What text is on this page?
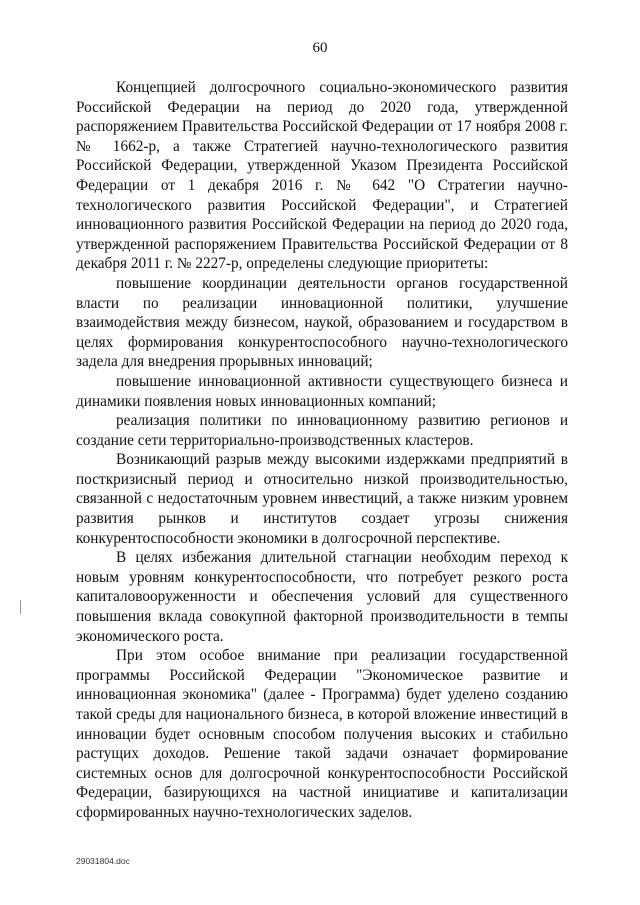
60

Концепцией долгосрочного социально-экономического развития Российской Федерации на период до 2020 года, утвержденной распоряжением Правительства Российской Федерации от 17 ноября 2008 г. № 1662-р, а также Стратегией научно-технологического развития Российской Федерации, утвержденной Указом Президента Российской Федерации от 1 декабря 2016 г. № 642 "О Стратегии научно-технологического развития Российской Федерации", и Стратегией инновационного развития Российской Федерации на период до 2020 года, утвержденной распоряжением Правительства Российской Федерации от 8 декабря 2011 г. № 2227-р, определены следующие приоритеты:

повышение координации деятельности органов государственной власти по реализации инновационной политики, улучшение взаимодействия между бизнесом, наукой, образованием и государством в целях формирования конкурентоспособного научно-технологического задела для внедрения прорывных инноваций;

повышение инновационной активности существующего бизнеса и динамики появления новых инновационных компаний;

реализация политики по инновационному развитию регионов и создание сети территориально-производственных кластеров.

Возникающий разрыв между высокими издержками предприятий в посткризисный период и относительно низкой производительностью, связанной с недостаточным уровнем инвестиций, а также низким уровнем развития рынков и институтов создает угрозы снижения конкурентоспособности экономики в долгосрочной перспективе.

В целях избежания длительной стагнации необходим переход к новым уровням конкурентоспособности, что потребует резкого роста капиталовооруженности и обеспечения условий для существенного повышения вклада совокупной факторной производительности в темпы экономического роста.

При этом особое внимание при реализации государственной программы Российской Федерации "Экономическое развитие и инновационная экономика" (далее - Программа) будет уделено созданию такой среды для национального бизнеса, в которой вложение инвестиций в инновации будет основным способом получения высоких и стабильно растущих доходов. Решение такой задачи означает формирование системных основ для долгосрочной конкурентоспособности Российской Федерации, базирующихся на частной инициативе и капитализации сформированных научно-технологических заделов.

29031804.doc
